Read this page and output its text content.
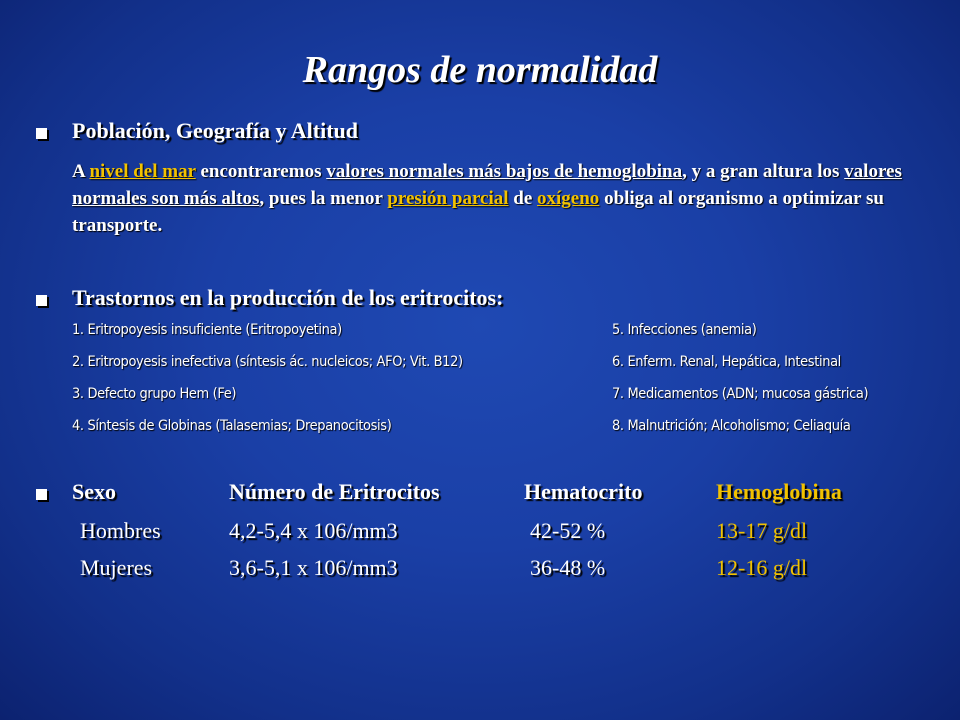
Rangos de normalidad
Población, Geografía y Altitud
A nivel del mar encontraremos valores normales más bajos de hemoglobina, y a gran altura los valores normales son más altos, pues la menor presión parcial de oxígeno obliga al organismo a optimizar su transporte.
Trastornos en la producción de los eritrocitos:
1. Eritropoyesis insuficiente (Eritropoyetina)
2. Eritropoyesis inefectiva (síntesis ác. nucleicos; AFO; Vit. B12)
3. Defecto grupo Hem (Fe)
4. Síntesis de Globinas (Talasemias; Drepanocitosis)
5. Infecciones (anemia)
6. Enferm. Renal, Hepática, Intestinal
7. Medicamentos (ADN; mucosa gástrica)
8. Malnutrición; Alcoholismo; Celiaquía
Sexo	Número de Eritrocitos	Hematocrito	Hemoglobina
Hombres	4,2-5,4 x 106/mm3	42-52 %	13-17 g/dl
Mujeres	3,6-5,1 x 106/mm3	36-48 %	12-16 g/dl
